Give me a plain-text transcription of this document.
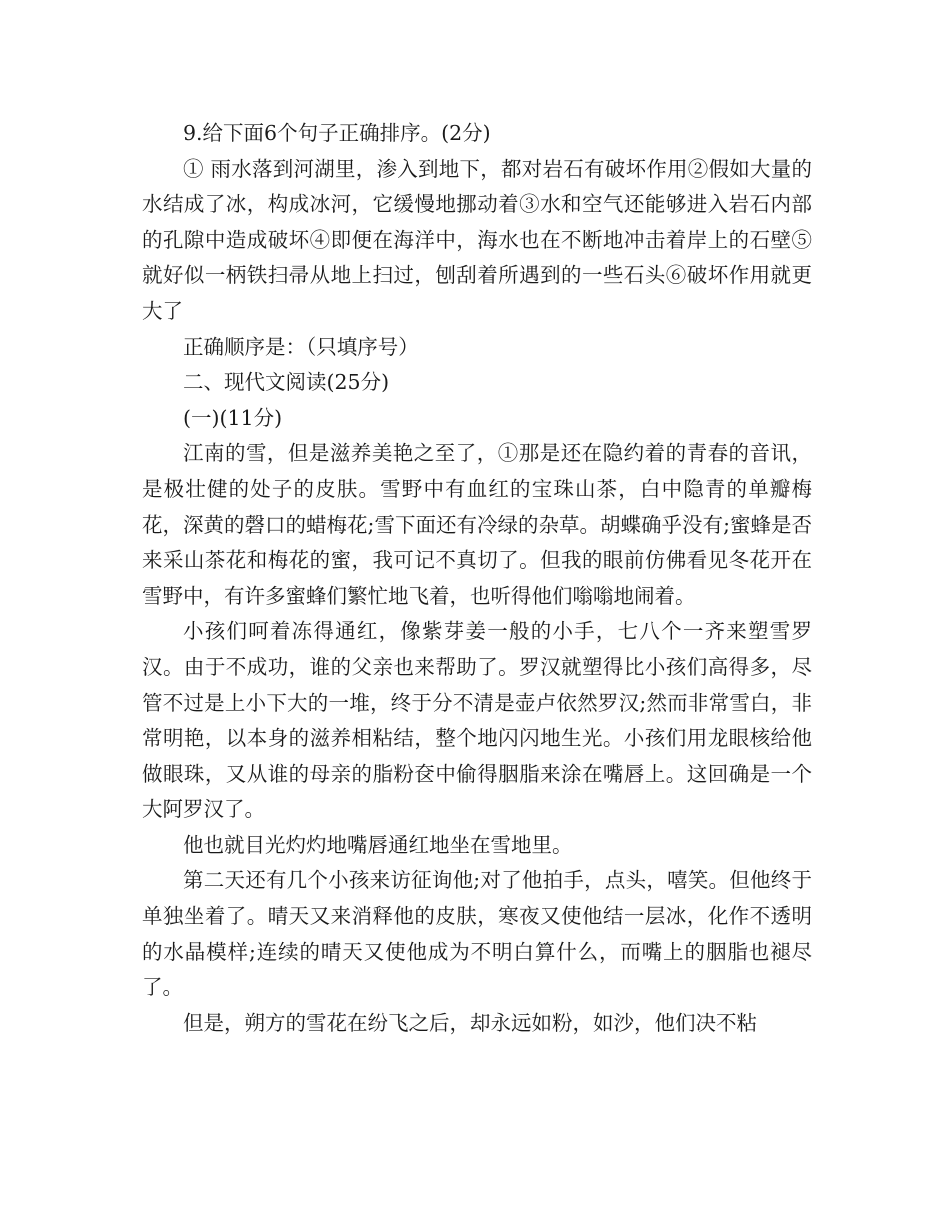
9.给下面6个句子正确排序。(2分)

① 雨水落到河湖里，渗入到地下，都对岩石有破坏作用②假如大量的水结成了冰，构成冰河，它缓慢地挪动着③水和空气还能够进入岩石内部的孔隙中造成破坏④即便在海洋中，海水也在不断地冲击着岸上的石壁⑤就好似一柄铁扫帚从地上扫过，刨刮着所遇到的一些石头⑥破坏作用就更大了

正确顺序是：（只填序号）

二、现代文阅读(25分)

(一)(11分)

江南的雪，但是滋养美艳之至了，①那是还在隐约着的青春的音讯，是极壮健的处子的皮肤。雪野中有血红的宝珠山茶，白中隐青的单瓣梅花，深黄的磬口的蜡梅花;雪下面还有冷绿的杂草。胡蝶确乎没有;蜜蜂是否来采山茶花和梅花的蜜，我可记不真切了。但我的眼前仿佛看见冬花开在雪野中，有许多蜜蜂们繁忙地飞着，也听得他们嗡嗡地闹着。

小孩们呵着冻得通红，像紫芽姜一般的小手，七八个一齐来塑雪罗汉。由于不成功，谁的父亲也来帮助了。罗汉就塑得比小孩们高得多，尽管不过是上小下大的一堆，终于分不清是壶卢依然罗汉;然而非常雪白，非常明艳，以本身的滋养相粘结，整个地闪闪地生光。小孩们用龙眼核给他做眼珠，又从谁的母亲的脂粉奁中偷得胭脂来涂在嘴唇上。这回确是一个大阿罗汉了。

他也就目光灼灼地嘴唇通红地坐在雪地里。

第二天还有几个小孩来访征询他;对了他拍手，点头，嘻笑。但他终于单独坐着了。晴天又来消释他的皮肤，寒夜又使他结一层冰，化作不透明的水晶模样;连续的晴天又使他成为不明白算什么，而嘴上的胭脂也褪尽了。

但是，朔方的雪花在纷飞之后，却永远如粉，如沙，他们决不粘
